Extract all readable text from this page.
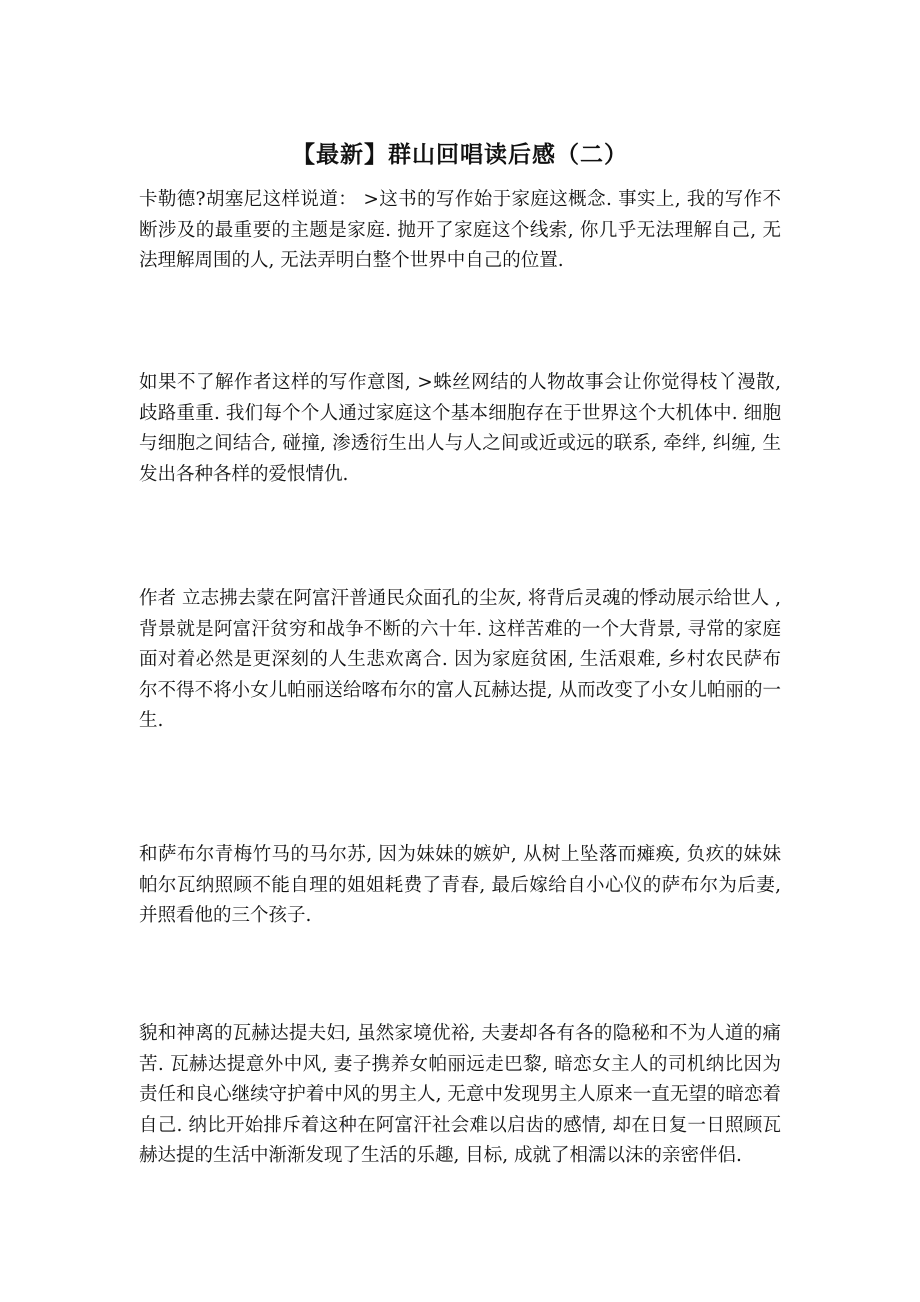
【最新】群山回唱读后感（二）

卡勒德?胡塞尼这样说道： >这书的写作始于家庭这概念. 事实上, 我的写作不断涉及的最重要的主题是家庭. 抛开了家庭这个线索, 你几乎无法理解自己, 无法理解周围的人, 无法弄明白整个世界中自己的位置.

如果不了解作者这样的写作意图, >蛛丝网结的人物故事会让你觉得枝丫漫散, 歧路重重. 我们每个个人通过家庭这个基本细胞存在于世界这个大机体中. 细胞与细胞之间结合, 碰撞, 渗透衍生出人与人之间或近或远的联系, 牵绊, 纠缠, 生发出各种各样的爱恨情仇.

作者 立志拂去蒙在阿富汗普通民众面孔的尘灰, 将背后灵魂的悸动展示给世人 , 背景就是阿富汗贫穷和战争不断的六十年. 这样苦难的一个大背景, 寻常的家庭面对着必然是更深刻的人生悲欢离合. 因为家庭贫困, 生活艰难, 乡村农民萨布尔不得不将小女儿帕丽送给喀布尔的富人瓦赫达提, 从而改变了小女儿帕丽的一生.

和萨布尔青梅竹马的马尔苏, 因为妹妹的嫉妒, 从树上坠落而瘫痪, 负疚的妹妹帕尔瓦纳照顾不能自理的姐姐耗费了青春, 最后嫁给自小心仪的萨布尔为后妻, 并照看他的三个孩子.

貌和神离的瓦赫达提夫妇, 虽然家境优裕, 夫妻却各有各的隐秘和不为人道的痛苦. 瓦赫达提意外中风, 妻子携养女帕丽远走巴黎, 暗恋女主人的司机纳比因为责任和良心继续守护着中风的男主人, 无意中发现男主人原来一直无望的暗恋着自己. 纳比开始排斥着这种在阿富汗社会难以启齿的感情, 却在日复一日照顾瓦赫达提的生活中渐渐发现了生活的乐趣, 目标, 成就了相濡以沫的亲密伴侣.
